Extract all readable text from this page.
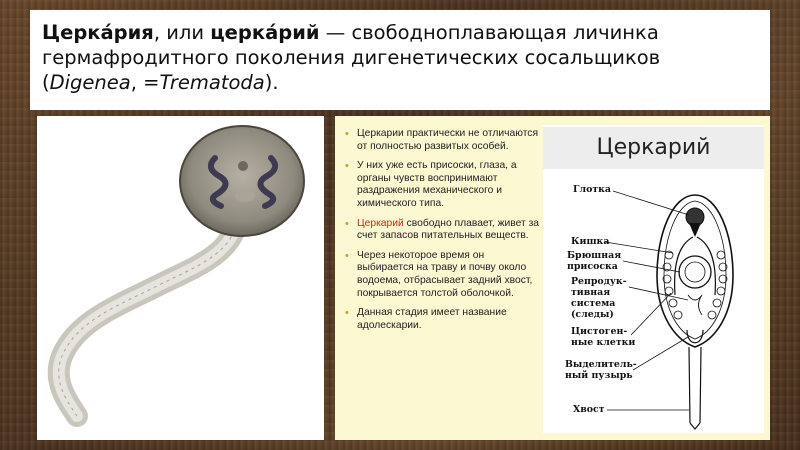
Церка́рия, или церка́рий — свободноплавающая личинка гермафродитного поколения дигенетических сосальщиков (Digenea, =Trematoda).

• Церкарии практически не отличаются от полностью развитых особей.
• У них уже есть присоски, глаза, а органы чувств воспринимают раздражения механического и химического типа.
• Церкарий свободно плавает, живет за счет запасов питательных веществ.
• Через некоторое время он выбирается на траву и почву около водоема, отбрасывает задний хвост, покрывается толстой оболочкой.
• Данная стадия имеет название адолескарии.
Церкарий
Глотка
Кишка
Брюшная
присоска
Репродук-
тивная
система
(следы)
Цистоген-
ные клетки
Выделитель-
ный пузырь
Хвост
